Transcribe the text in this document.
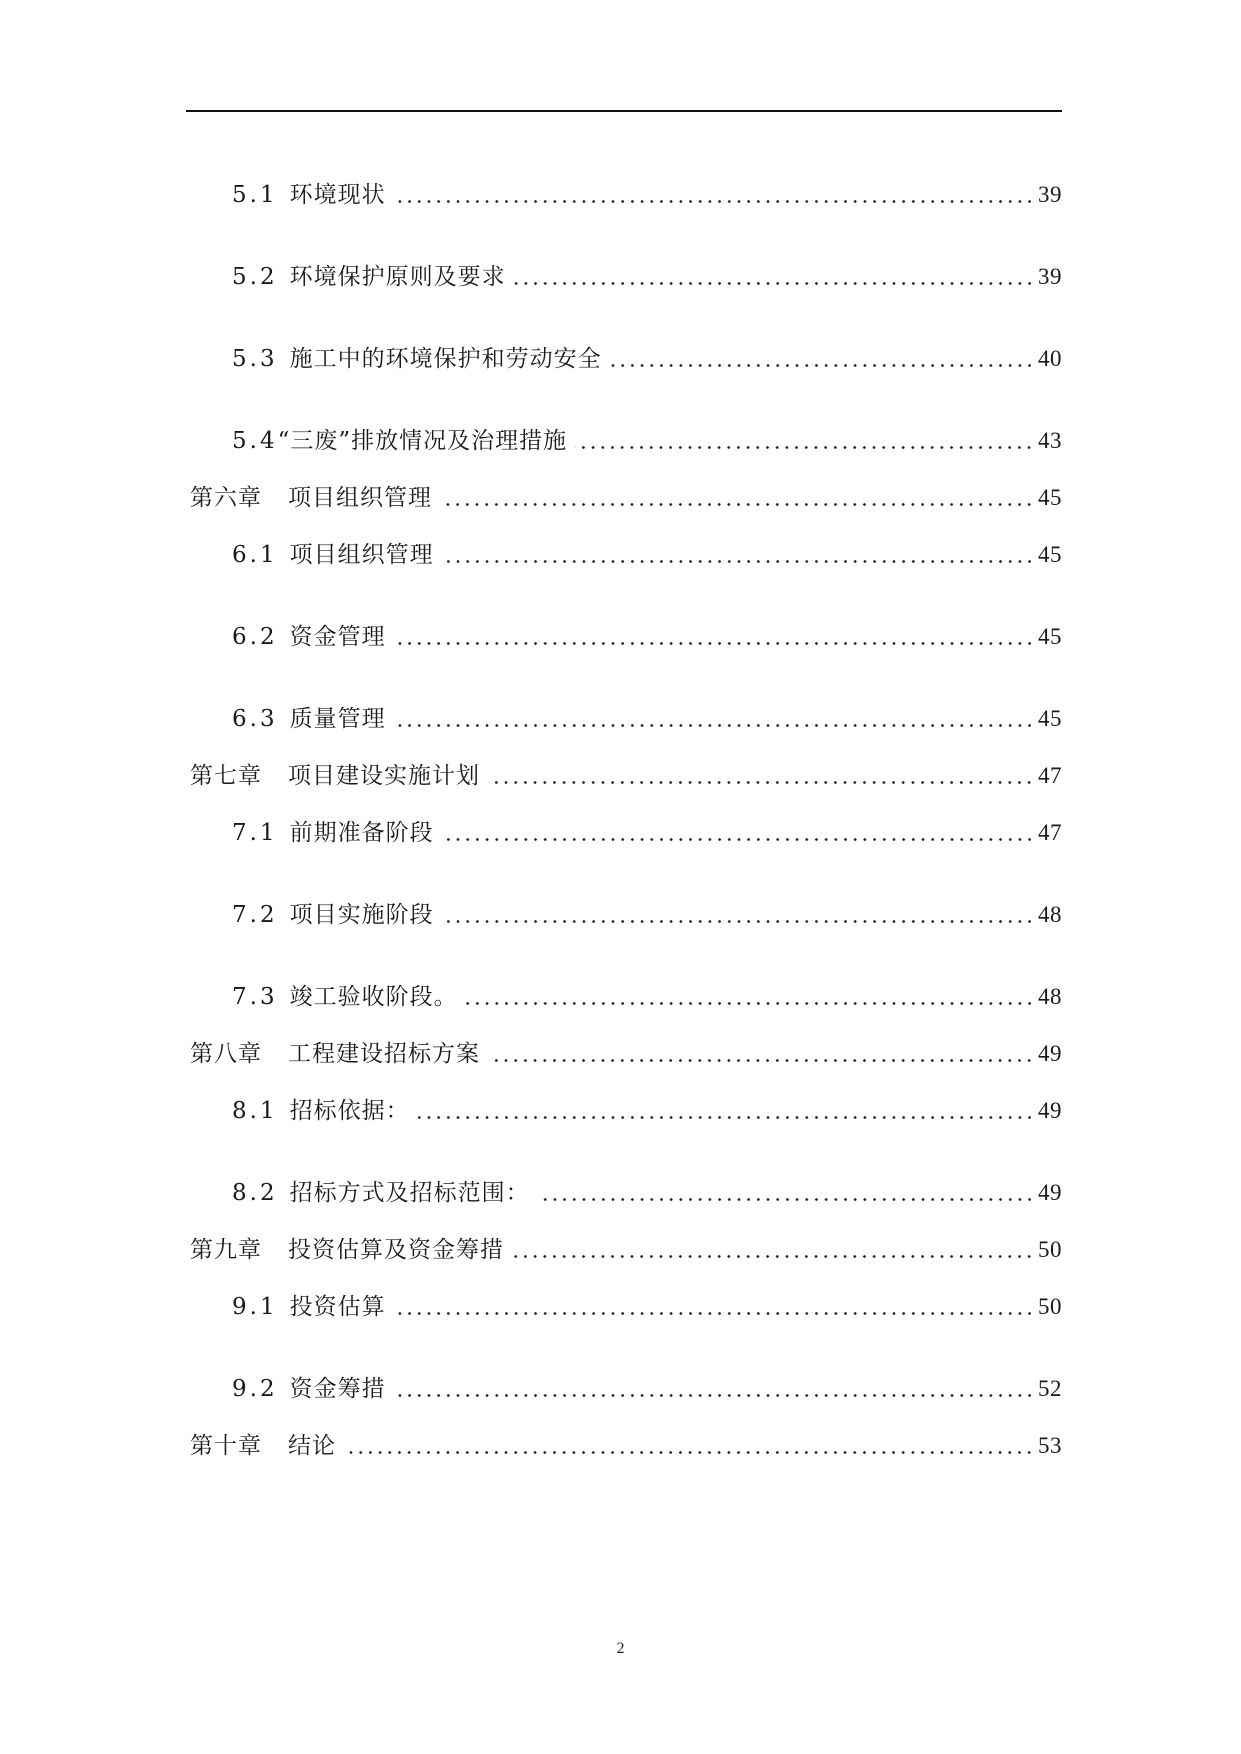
5.1 环境现状	39
5.2 环境保护原则及要求	39
5.3 施工中的环境保护和劳动安全	40
5.4 “三废”排放情况及治理措施	43
第六章 项目组织管理	45
6.1 项目组织管理	45
6.2 资金管理	45
6.3 质量管理	45
第七章 项目建设实施计划	47
7.1 前期准备阶段	47
7.2 项目实施阶段	48
7.3 竣工验收阶段。	48
第八章 工程建设招标方案	49
8.1 招标依据：	49
8.2 招标方式及招标范围：	49
第九章 投资估算及资金筹措	50
9.1 投资估算	50
9.2 资金筹措	52
第十章 结论	53
2
